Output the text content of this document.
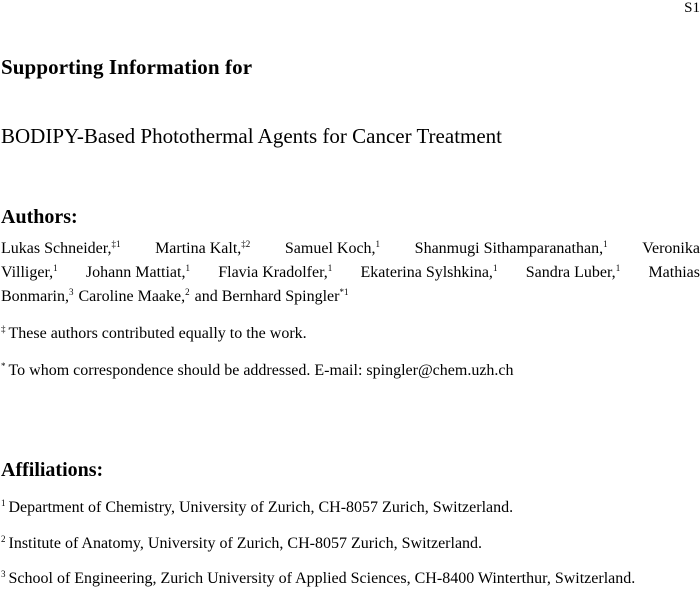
S1
Supporting Information for
BODIPY-Based Photothermal Agents for Cancer Treatment
Authors:
Lukas Schneider,$^{\ddagger 1}$ Martina Kalt,$^{\ddagger 2}$ Samuel Koch,$^1$ Shanmugi Sithamparanathan,$^1$ Veronika
Villiger,$^1$ Johann Mattiat,$^1$ Flavia Kradolfer,$^1$ Ekaterina Sylshkina,$^1$ Sandra Luber,$^1$ Mathias
Bonmarin,$^3$ Caroline Maake,$^2$ and Bernhard Spingler$^{*1}$
‡ These authors contributed equally to the work.
* To whom correspondence should be addressed. E-mail: spingler@chem.uzh.ch
Affiliations:
$^1$ Department of Chemistry, University of Zurich, CH-8057 Zurich, Switzerland.
$^2$ Institute of Anatomy, University of Zurich, CH-8057 Zurich, Switzerland.
$^3$ School of Engineering, Zurich University of Applied Sciences, CH-8400 Winterthur, Switzerland.
